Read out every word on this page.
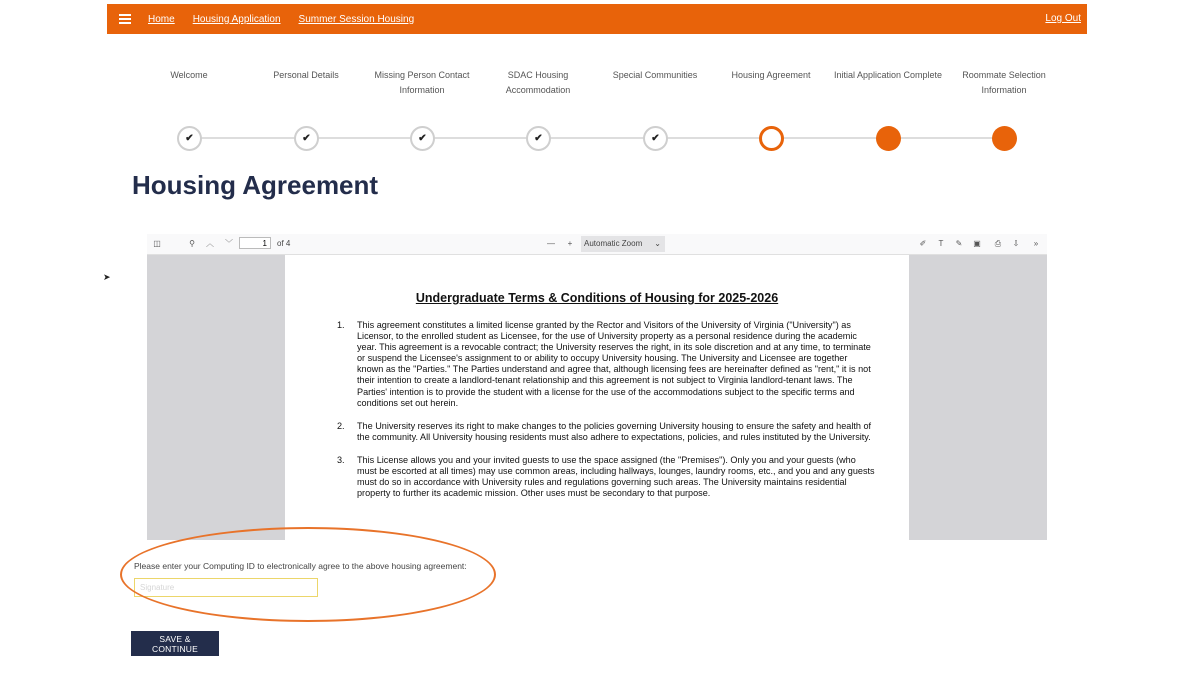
Home Housing Application Summer Session Housing	Log Out
Welcome	Personal Details	Missing Person Contact Information
SDAC Housing Accommodation
Special Communities	Housing Agreement	Initial Application Complete	Roommate Selection Information
✔	✔	✔	✔	✔
Housing Agreement
◫	⚲	︿ ﹀
1	of 4	—	+	Automatic Zoom ⌄	✐	T	✎	▣	⎙	⇩	»
Undergraduate Terms & Conditions of Housing for 2025-2026
1. This agreement constitutes a limited license granted by the Rector and Visitors of the University of Virginia ("University") as Licensor, to the enrolled student as Licensee, for the use of University property as a personal residence during the academic year. This agreement is a revocable contract; the University reserves the right, in its sole discretion and at any time, to terminate or suspend the Licensee's assignment to or ability to occupy University housing. The University and Licensee are together known as the "Parties." The Parties understand and agree that, although licensing fees are hereinafter defined as "rent," it is not their intention to create a landlord-tenant relationship and this agreement is not subject to Virginia landlord-tenant laws. The Parties' intention is to provide the student with a license for the use of the accommodations subject to the specific terms and conditions set out herein.
2. The University reserves its right to make changes to the policies governing University housing to ensure the safety and health of the community. All University housing residents must also adhere to expectations, policies, and rules instituted by the University.
3. This License allows you and your invited guests to use the space assigned (the "Premises"). Only you and your guests (who must be escorted at all times) may use common areas, including hallways, lounges, laundry rooms, etc., and you and any guests must do so in accordance with University rules and regulations governing such areas. The University maintains residential property to further its academic mission. Other uses must be secondary to that purpose.
Please enter your Computing ID to electronically agree to the above housing agreement:
Signature
SAVE & CONTINUE
➤
